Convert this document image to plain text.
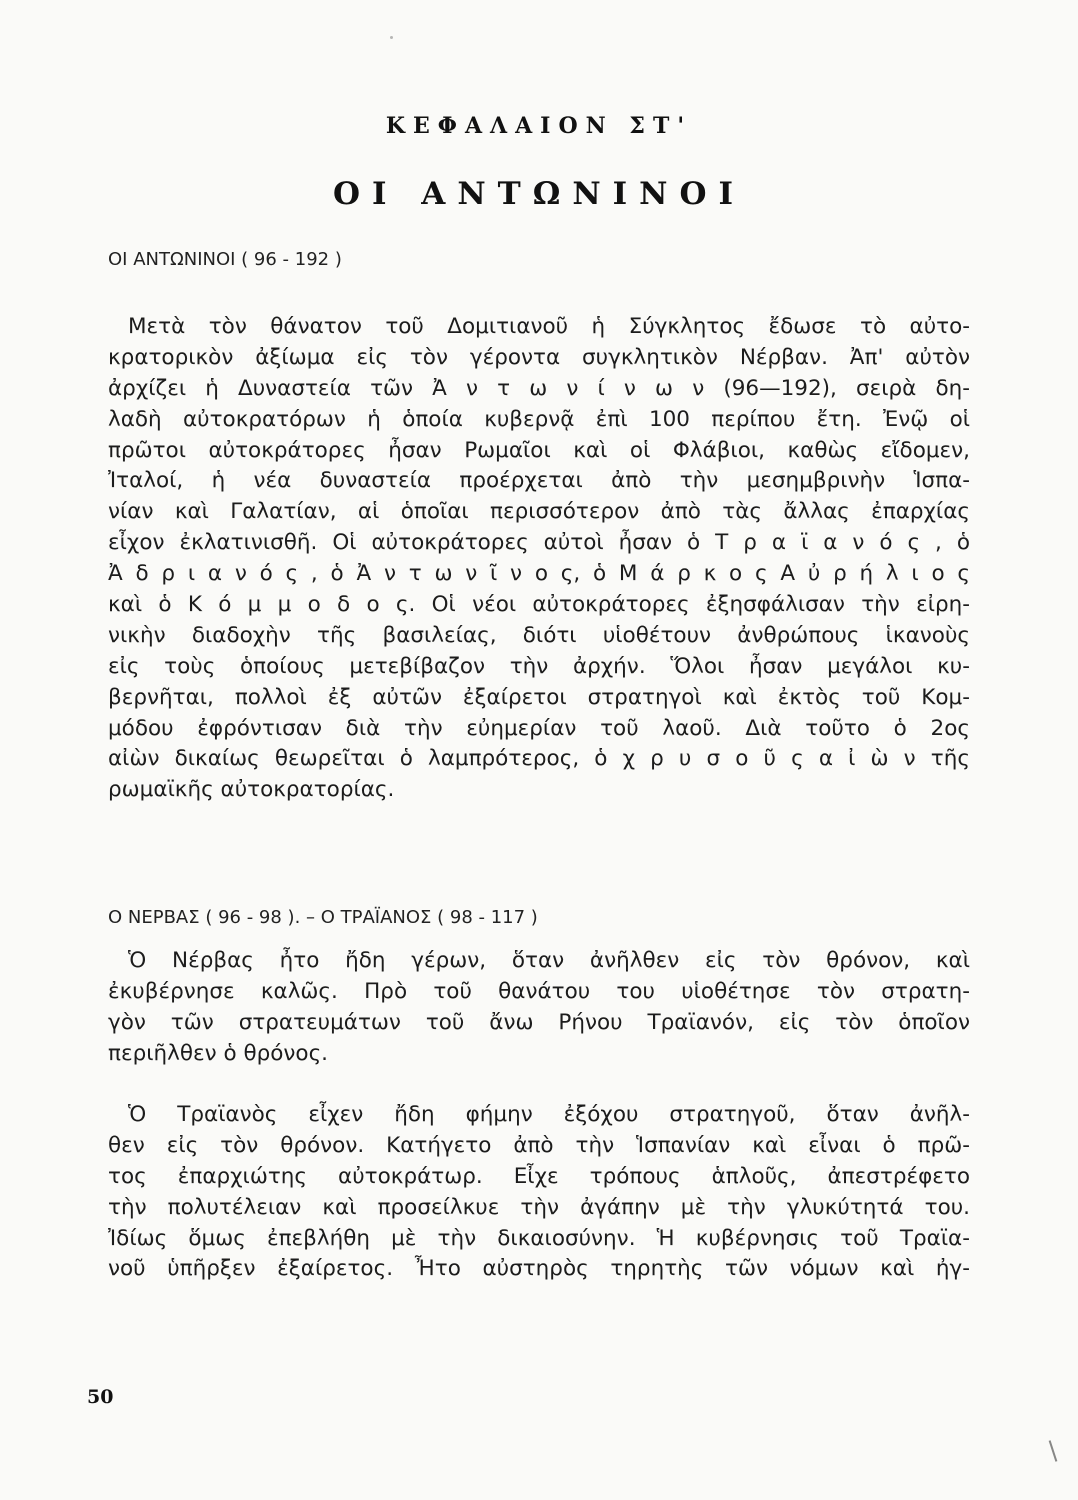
ΚΕΦΑΛΑΙΟΝ ΣΤ'
ΟΙ ΑΝΤΩΝΙΝΟΙ
ΟΙ ΑΝΤΩΝΙΝΟΙ ( 96 - 192 )
Μετὰ τὸν θάνατον τοῦ Δομιτιανοῦ ἡ Σύγκλητος ἔδωσε τὸ αὐτο-
κρατορικὸν ἀξίωμα εἰς τὸν γέροντα συγκλητικὸν Νέρβαν. Ἀπ' αὐτὸν
ἀρχίζει ἡ Δυναστεία τῶν Ἀ ν τ ω ν ί ν ω ν (96—192), σειρὰ δη-
λαδὴ αὐτοκρατόρων ἡ ὁποία κυβερνᾷ ἐπὶ 100 περίπου ἔτη. Ἐνῷ οἱ
πρῶτοι αὐτοκράτορες ἦσαν Ρωμαῖοι καὶ οἱ Φλάβιοι, καθὼς εἴδομεν,
Ἰταλοί, ἡ νέα δυναστεία προέρχεται ἀπὸ τὴν μεσημβρινὴν Ἱσπα-
νίαν καὶ Γαλατίαν, αἱ ὁποῖαι περισσότερον ἀπὸ τὰς ἄλλας ἐπαρχίας
εἶχον ἐκλατινισθῆ. Οἱ αὐτοκράτορες αὐτοὶ ἦσαν ὁ Τ ρ α ϊ α ν ό ς , ὁ
Ἀ δ ρ ι α ν ό ς , ὁ Ἀ ν τ ω ν ῖ ν ο ς, ὁ Μ ά ρ κ ο ς Α ὐ ρ ή λ ι ο ς
καὶ ὁ Κ ό μ μ ο δ ο ς. Οἱ νέοι αὐτοκράτορες ἐξησφάλισαν τὴν εἰρη-
νικὴν διαδοχὴν τῆς βασιλείας, διότι υἱοθέτουν ἀνθρώπους ἱκανοὺς
εἰς τοὺς ὁποίους μετεβίβαζον τὴν ἀρχήν. Ὅλοι ἦσαν μεγάλοι κυ-
βερνῆται, πολλοὶ ἐξ αὐτῶν ἐξαίρετοι στρατηγοὶ καὶ ἐκτὸς τοῦ Κομ-
μόδου ἐφρόντισαν διὰ τὴν εὐημερίαν τοῦ λαοῦ. Διὰ τοῦτο ὁ 2ος
αἰὼν δικαίως θεωρεῖται ὁ λαμπρότερος, ὁ χ ρ υ σ ο ῦ ς α ἰ ὼ ν τῆς
ρωμαϊκῆς αὐτοκρατορίας.
Ο ΝΕΡΒΑΣ ( 96 - 98 ). – Ο ΤΡΑΪΑΝΟΣ ( 98 - 117 )
Ὁ Νέρβας ἦτο ἤδη γέρων, ὅταν ἀνῆλθεν εἰς τὸν θρόνον, καὶ
ἐκυβέρνησε καλῶς. Πρὸ τοῦ θανάτου του υἱοθέτησε τὸν στρατη-
γὸν τῶν στρατευμάτων τοῦ ἄνω Ρήνου Τραϊανόν, εἰς τὸν ὁποῖον
περιῆλθεν ὁ θρόνος.
Ὁ Τραϊανὸς εἶχεν ἤδη φήμην ἐξόχου στρατηγοῦ, ὅταν ἀνῆλ-
θεν εἰς τὸν θρόνον. Κατήγετο ἀπὸ τὴν Ἱσπανίαν καὶ εἶναι ὁ πρῶ-
τος ἐπαρχιώτης αὐτοκράτωρ. Εἶχε τρόπους ἁπλοῦς, ἀπεστρέφετο
τὴν πολυτέλειαν καὶ προσείλκυε τὴν ἀγάπην μὲ τὴν γλυκύτητά του.
Ἰδίως ὅμως ἐπεβλήθη μὲ τὴν δικαιοσύνην. Ἡ κυβέρνησις τοῦ Τραϊα-
νοῦ ὑπῆρξεν ἐξαίρετος. Ἦτο αὐστηρὸς τηρητὴς τῶν νόμων καὶ ἠγ-
50
